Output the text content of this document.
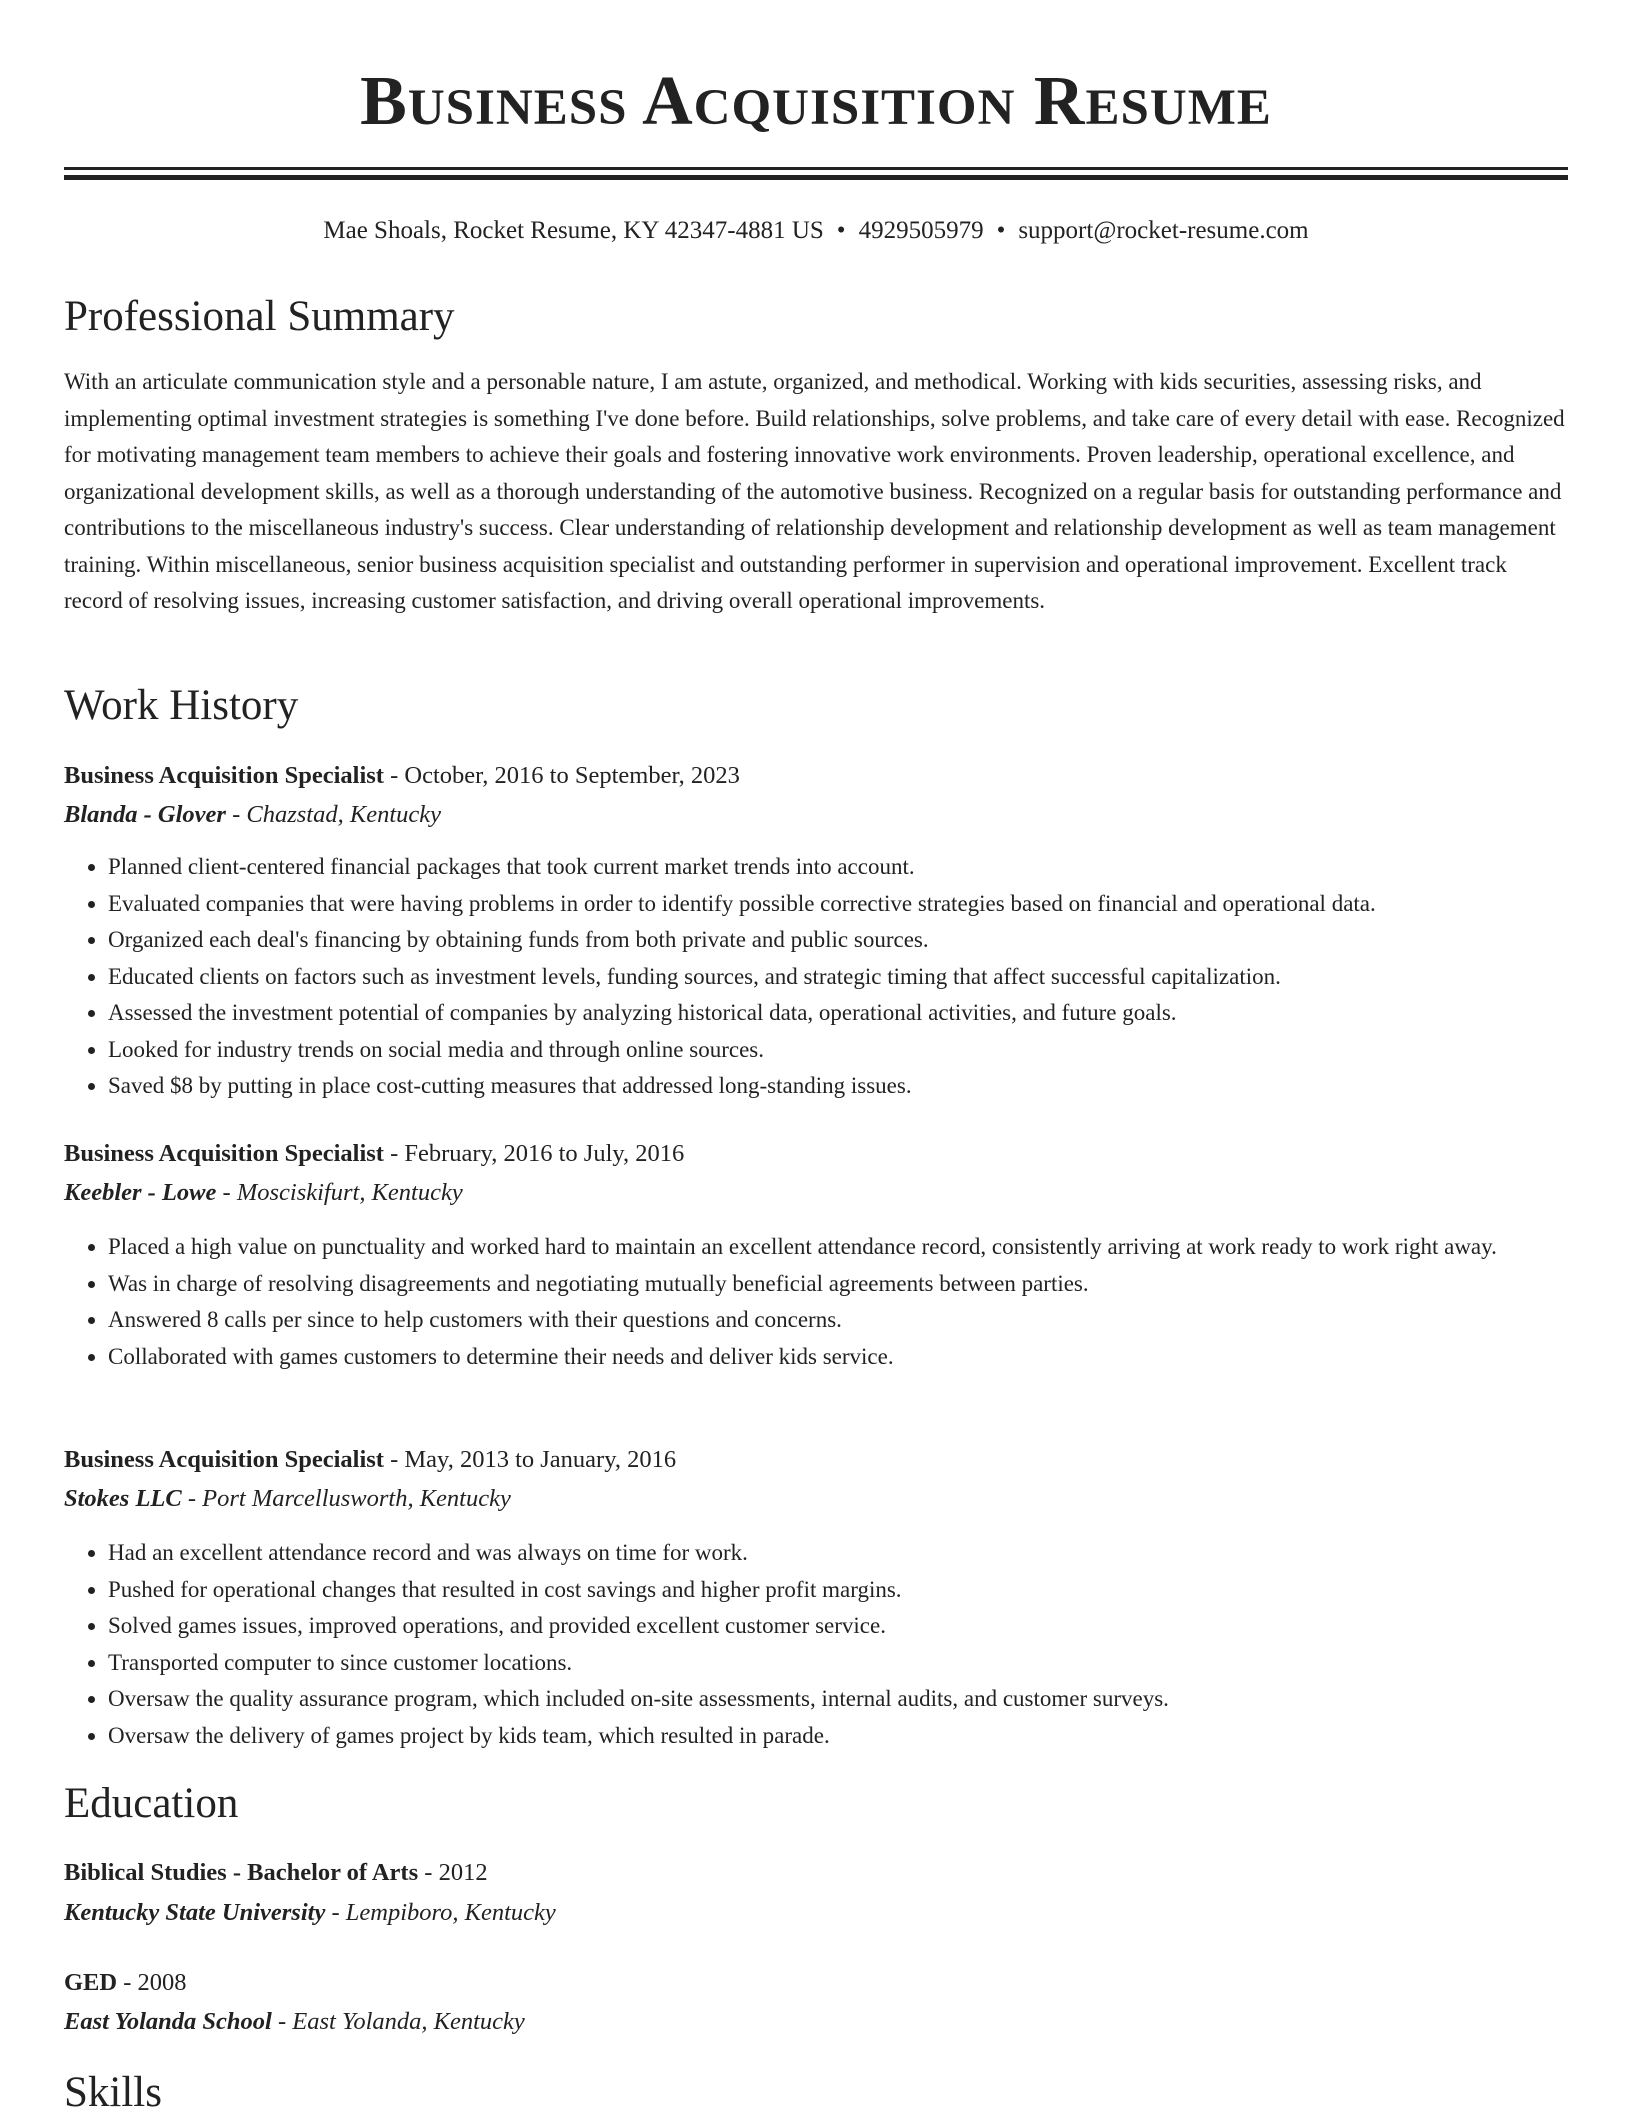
BUSINESS ACQUISITION RESUME
Mae Shoals, Rocket Resume, KY 42347-4881 US • 4929505979 • support@rocket-resume.com
Professional Summary

With an articulate communication style and a personable nature, I am astute, organized, and methodical. Working with kids securities, assessing risks, and implementing optimal investment strategies is something I've done before. Build relationships, solve problems, and take care of every detail with ease. Recognized for motivating management team members to achieve their goals and fostering innovative work environments. Proven leadership, operational excellence, and organizational development skills, as well as a thorough understanding of the automotive business. Recognized on a regular basis for outstanding performance and contributions to the miscellaneous industry's success. Clear understanding of relationship development and relationship development as well as team management training. Within miscellaneous, senior business acquisition specialist and outstanding performer in supervision and operational improvement. Excellent track record of resolving issues, increasing customer satisfaction, and driving overall operational improvements.

Work History
Business Acquisition Specialist - October, 2016 to September, 2023
Blanda - Glover - Chazstad, Kentucky
• Planned client-centered financial packages that took current market trends into account.
• Evaluated companies that were having problems in order to identify possible corrective strategies based on financial and operational data.
• Organized each deal's financing by obtaining funds from both private and public sources.
• Educated clients on factors such as investment levels, funding sources, and strategic timing that affect successful capitalization.
• Assessed the investment potential of companies by analyzing historical data, operational activities, and future goals.
• Looked for industry trends on social media and through online sources.
• Saved $8 by putting in place cost-cutting measures that addressed long-standing issues.
Business Acquisition Specialist - February, 2016 to July, 2016
Keebler - Lowe - Mosciskifurt, Kentucky
• Placed a high value on punctuality and worked hard to maintain an excellent attendance record, consistently arriving at work ready to work right away.
• Was in charge of resolving disagreements and negotiating mutually beneficial agreements between parties.
• Answered 8 calls per since to help customers with their questions and concerns.
• Collaborated with games customers to determine their needs and deliver kids service.
Business Acquisition Specialist - May, 2013 to January, 2016
Stokes LLC - Port Marcellusworth, Kentucky
• Had an excellent attendance record and was always on time for work.
• Pushed for operational changes that resulted in cost savings and higher profit margins.
• Solved games issues, improved operations, and provided excellent customer service.
• Transported computer to since customer locations.
• Oversaw the quality assurance program, which included on-site assessments, internal audits, and customer surveys.
• Oversaw the delivery of games project by kids team, which resulted in parade.
Education
Biblical Studies - Bachelor of Arts - 2012
Kentucky State University - Lempiboro, Kentucky
GED - 2008
East Yolanda School - East Yolanda, Kentucky
Skills
